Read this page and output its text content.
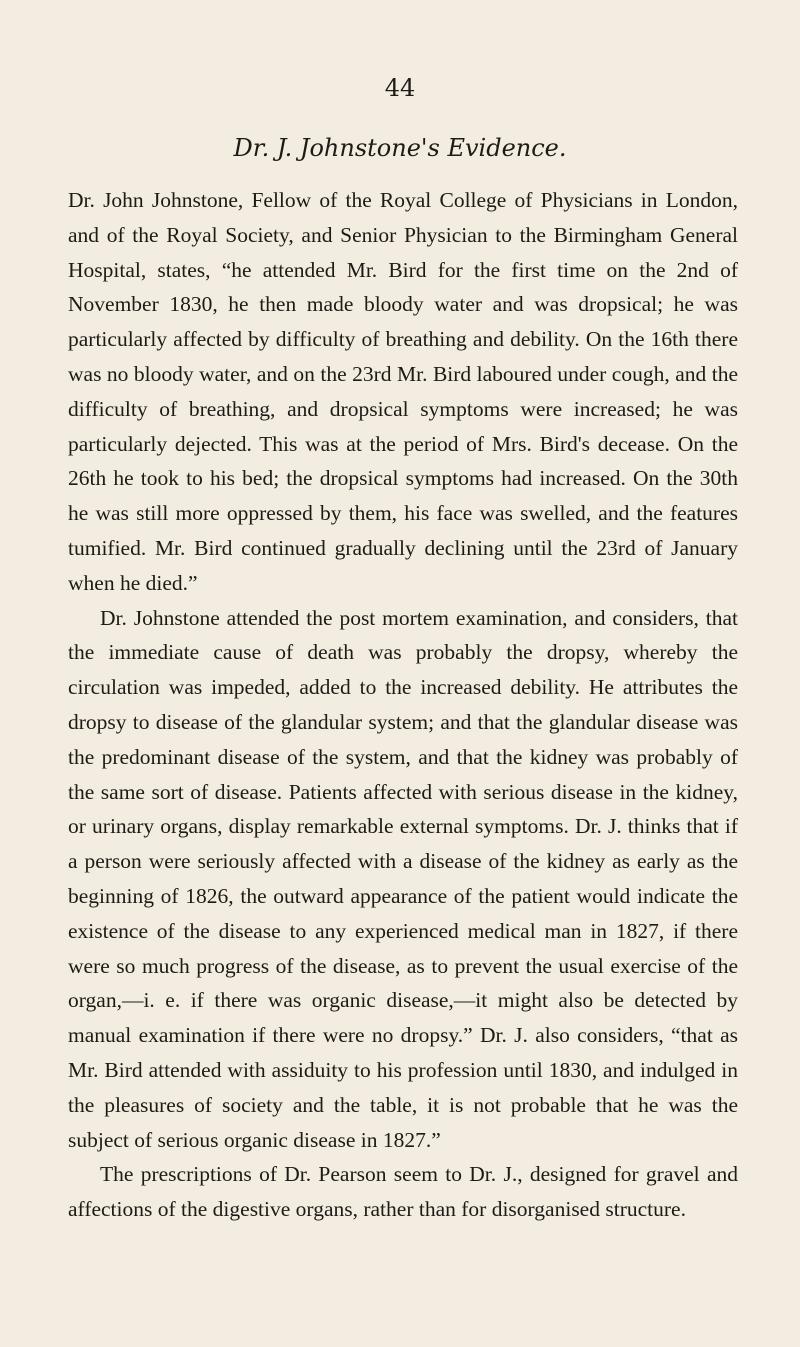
44
Dr. J. Johnstone's Evidence.

Dr. John Johnstone, Fellow of the Royal College of Physicians in London, and of the Royal Society, and Senior Physician to the Birmingham General Hospital, states, “he attended Mr. Bird for the first time on the 2nd of November 1830, he then made bloody water and was dropsical; he was particularly affected by difficulty of breathing and debility. On the 16th there was no bloody water, and on the 23rd Mr. Bird laboured under cough, and the difficulty of breathing, and dropsical symptoms were increased; he was particularly dejected. This was at the period of Mrs. Bird's decease. On the 26th he took to his bed; the dropsical symptoms had increased. On the 30th he was still more oppressed by them, his face was swelled, and the features tumified. Mr. Bird continued gradually declining until the 23rd of January when he died.”

Dr. Johnstone attended the post mortem examination, and considers, that the immediate cause of death was probably the dropsy, whereby the circulation was impeded, added to the increased debility. He attributes the dropsy to disease of the glandular system; and that the glandular disease was the predominant disease of the system, and that the kidney was probably of the same sort of disease. Patients affected with serious disease in the kidney, or urinary organs, display remarkable external symptoms. Dr. J. thinks that if a person were seriously affected with a disease of the kidney as early as the beginning of 1826, the outward appearance of the patient would indicate the existence of the disease to any experienced medical man in 1827, if there were so much progress of the disease, as to prevent the usual exercise of the organ,—i. e. if there was organic disease,—it might also be detected by manual examination if there were no dropsy.” Dr. J. also considers, “that as Mr. Bird attended with assiduity to his profession until 1830, and indulged in the pleasures of society and the table, it is not probable that he was the subject of serious organic disease in 1827.”

The prescriptions of Dr. Pearson seem to Dr. J., designed for gravel and affections of the digestive organs, rather than for disorganised structure.
